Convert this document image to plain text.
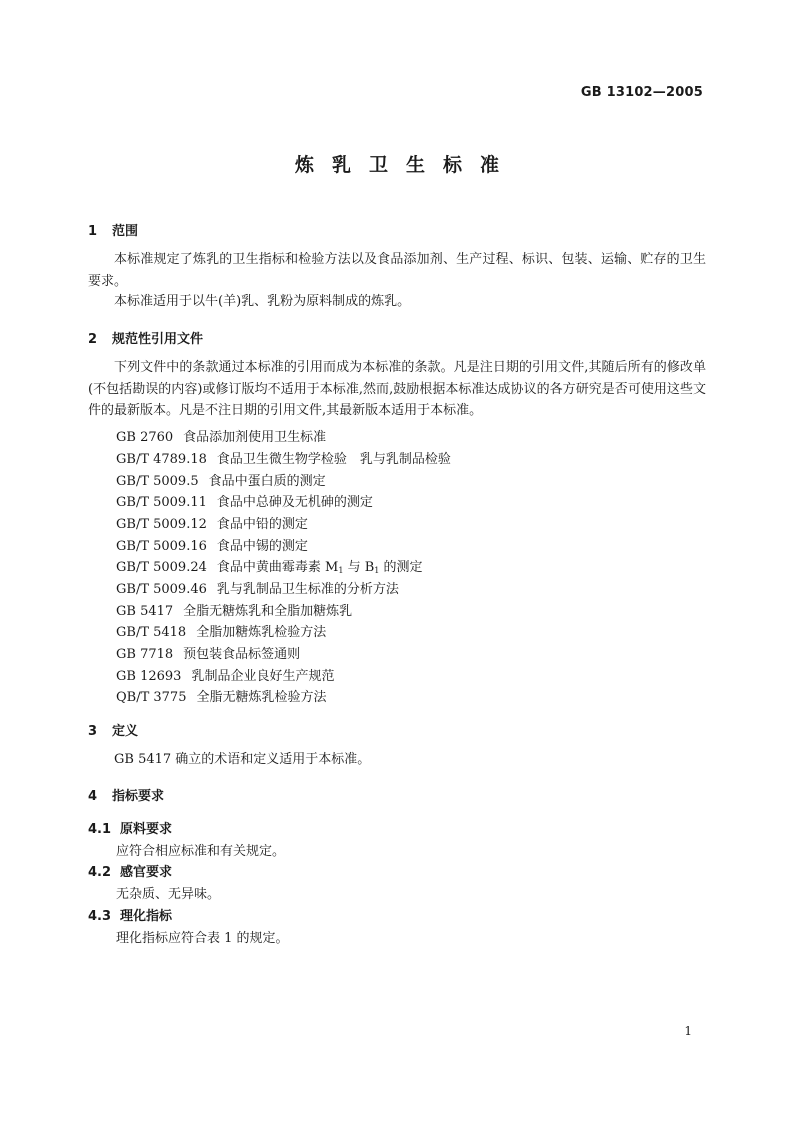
GB 13102—2005
炼乳卫生标准
1 范围
本标准规定了炼乳的卫生指标和检验方法以及食品添加剂、生产过程、标识、包装、运输、贮存的卫生要求。
本标准适用于以牛(羊)乳、乳粉为原料制成的炼乳。
2 规范性引用文件
下列文件中的条款通过本标准的引用而成为本标准的条款。凡是注日期的引用文件,其随后所有的修改单(不包括勘误的内容)或修订版均不适用于本标准,然而,鼓励根据本标准达成协议的各方研究是否可使用这些文件的最新版本。凡是不注日期的引用文件,其最新版本适用于本标准。
GB 2760 食品添加剂使用卫生标准
GB/T 4789.18 食品卫生微生物学检验　乳与乳制品检验
GB/T 5009.5 食品中蛋白质的测定
GB/T 5009.11 食品中总砷及无机砷的测定
GB/T 5009.12 食品中铅的测定
GB/T 5009.16 食品中锡的测定
GB/T 5009.24 食品中黄曲霉毒素 $M_1$ 与 $B_1$ 的测定
GB/T 5009.46 乳与乳制品卫生标准的分析方法
GB 5417 全脂无糖炼乳和全脂加糖炼乳
GB/T 5418 全脂加糖炼乳检验方法
GB 7718 预包装食品标签通则
GB 12693 乳制品企业良好生产规范
QB/T 3775 全脂无糖炼乳检验方法
3 定义
GB 5417 确立的术语和定义适用于本标准。
4 指标要求
4.1 原料要求
应符合相应标准和有关规定。
4.2 感官要求
无杂质、无异味。
4.3 理化指标
理化指标应符合表 1 的规定。
1
